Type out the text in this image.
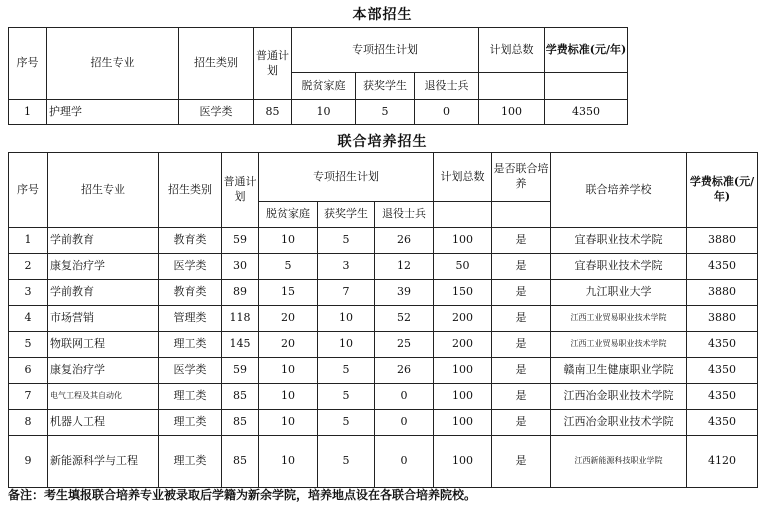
本部招生
序号	招生专业	招生类别	普通计划	专项招生计划			计划总数	学费标准(元/年)
				脱贫家庭	获奖学生	退役士兵		
1	护理学	医学类	85	10	5	0	100	4350
联合培养招生
序号	招生专业	招生类别	普通计划	专项招生计划			计划总数	是否联合培养	联合培养学校	学费标准(元/年)
				脱贫家庭	获奖学生	退役士兵				
1	学前教育	教育类	59	10	5	26	100	是	宜春职业技术学院	3880
2	康复治疗学	医学类	30	5	3	12	50	是	宜春职业技术学院	4350
3	学前教育	教育类	89	15	7	39	150	是	九江职业大学	3880
4	市场营销	管理类	118	20	10	52	200	是	江西工业贸易职业技术学院	3880
5	物联网工程	理工类	145	20	10	25	200	是	江西工业贸易职业技术学院	4350
6	康复治疗学	医学类	59	10	5	26	100	是	赣南卫生健康职业学院	4350
7	电气工程及其自动化	理工类	85	10	5	0	100	是	江西冶金职业技术学院	4350
8	机器人工程	理工类	85	10	5	0	100	是	江西冶金职业技术学院	4350
9	新能源科学与工程	理工类	85	10	5	0	100	是	江西新能源科技职业学院	4120
备注：考生填报联合培养专业被录取后学籍为新余学院，培养地点设在各联合培养院校。
